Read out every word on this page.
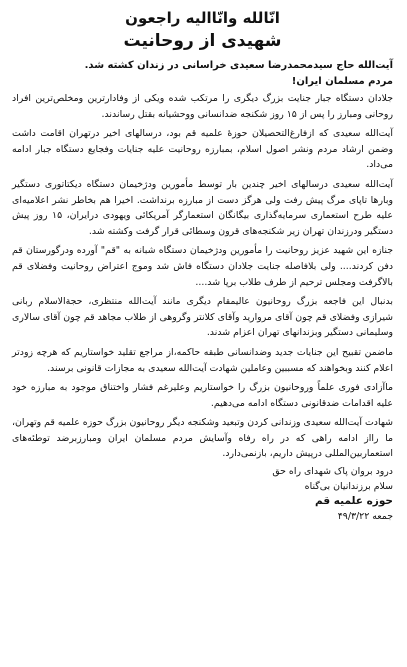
انّالله وانّااليه راجعون
شهیدی از روحانیت

آیت‌الله حاج سیدمحمدرضا سعیدی خراسانی در زندان کشته شد.

مردم مسلمان ایران!

جلادان دستگاه جبار جنایت بزرگ دیگری را مرتکب شده ویکی از وفادارترین ومخلص‌ترین افراد روحانی ومبارز را پس از ۱۵ روز شکنجه ضدانسانی ووحشیانه بقتل رساندند.

آیت‌الله سعیدی که ازفارغ‌التحصیلان حوزهٔ علمیه قم بود، درسالهای اخیر درتهران اقامت داشت وضمن ارشاد مردم ونشر اصول اسلام، بمبارزه روحانیت علیه جنایات وفجایع دستگاه جبار ادامه می‌داد.

آیت‌الله سعیدی درسالهای اخیر چندین بار توسط مأمورین ودژخیمان دستگاه دیکتاتوری دستگیر وبارها تاپای مرگ پیش رفت ولی هرگز دست از مبارزه برنداشت. اخیرا هم بخاطر نشر اعلامیه‌ای علیه طرح استعماری سرمایه‌گذاری بیگانگان استعمارگر آمریکائی ویهودی درایران، ۱۵ روز پیش دستگیر ودرزندان تهران زیر شکنجه‌های قرون وسطائی قرار گرفت وکشته شد.

جنازه این شهید عزیز روحانیت را مأمورین ودژخیمان دستگاه شبانه به "قم" آورده ودرگورستان قم دفن کردند.... ولی بلافاصله جنایت جلادان دستگاه فاش شد وموج اعتراض روحانیت وفضلای قم بالاگرفت ومجلس ترحیم از طرف طلاب برپا شد....

بدنبال این فاجعه بزرگ روحانیون عالیمقام دیگری مانند آیت‌الله منتظری، حجةالاسلام ربانی شیرازی وفضلای قم چون آقای مروارید وآقای کلانتر وگروهی از طلاب مجاهد قم چون آقای سالاری وسلیمانی دستگیر وبزندانهای تهران اعزام شدند.

ماضمن تقبیح این جنایات جدید وضدانسانی طبقه حاکمه،از مراجع تقلید خواستاریم که هرچه زودتر اعلام کنند وبخواهند که مسببین وعاملین شهادت آیت‌الله سعیدی به مجازات قانونی برسند.

ماآزادی فوری علماً وروحانیون بزرگ را خواستاریم وعلیرغم فشار واختناق موجود به مبارزه خود علیه اقدامات ضدقانونی دستگاه ادامه می‌دهیم.

شهادت آیت‌الله سعیدی وزندانی کردن وتبعید وشکنجه دیگر روحانیون بزرگ حوزه علمیه قم وتهران، ما رااز ادامه راهی که در راه رفاه وآسایش مردم مسلمان ایران ومبارزبرضد توطئه‌های استعماربین‌المللی درپیش داریم، بازنمی‌دارد.

درود بروان پاک شهدای راه حق
سلام برزندانیان بی‌گناه
حوزه علمیه قم
جمعه ۴۹/۳/۲۲
